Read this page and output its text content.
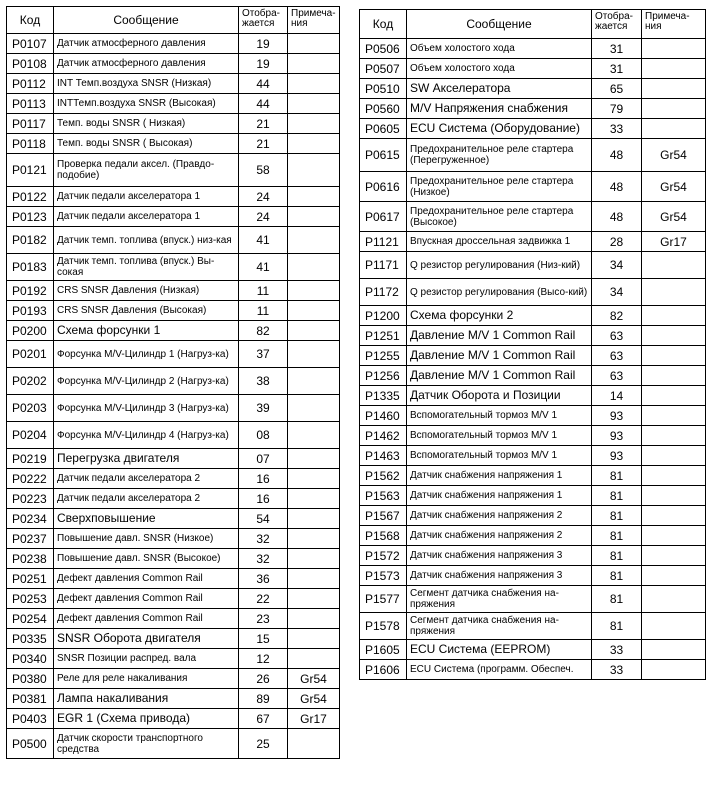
Код	Сообщение	Отобра-жается	Примеча-ния
P0107	Датчик атмосферного давления	19	
P0108	Датчик атмосферного давления	19	
P0112	INT Темп.воздуха SNSR (Низкая)	44	
P0113	INTТемп.воздуха SNSR (Высокая)	44	
P0117	Темп. воды SNSR ( Низкая)	21	
P0118	Темп. воды SNSR ( Высокая)	21	
P0121	Проверка педали аксел. (Правдо-подобие)	58	
P0122	Датчик педали акселератора 1	24	
P0123	Датчик педали акселератора 1	24	
P0182	Датчик темп. топлива (впуск.) низ-кая	41	
P0183	Датчик темп. топлива (впуск.) Вы-сокая	41	
P0192	CRS SNSR Давления (Низкая)	11	
P0193	CRS SNSR Давления (Высокая)	11	
P0200	Схема форсунки 1	82	
P0201	Форсунка M/V-Цилиндр 1 (Нагруз-ка)	37	
P0202	Форсунка M/V-Цилиндр 2 (Нагруз-ка)	38	
P0203	Форсунка M/V-Цилиндр 3 (Нагруз-ка)	39	
P0204	Форсунка M/V-Цилиндр 4 (Нагруз-ка)	08	
P0219	Перегрузка двигателя	07	
P0222	Датчик педали акселератора 2	16	
P0223	Датчик педали акселератора 2	16	
P0234	Сверхповышение	54	
P0237	Повышение давл. SNSR (Низкое)	32	
P0238	Повышение давл. SNSR (Высокое)	32	
P0251	Дефект давления Common Rail	36	
P0253	Дефект давления Common Rail	22	
P0254	Дефект давления Common Rail	23	
P0335	SNSR Оборота двигателя	15	
P0340	SNSR Позиции распред. вала	12	
P0380	Реле для реле накаливания	26	Gr54
P0381	Лампа накаливания	89	Gr54
P0403	EGR 1 (Схема привода)	67	Gr17
P0500	Датчик скорости транспортного средства	25	
Код	Сообщение	Отобра-жается	Примеча-ния
P0506	Объем холостого хода	31	
P0507	Объем холостого хода	31	
P0510	SW Акселератора	65	
P0560	M/V Напряжения снабжения	79	
P0605	ECU Система (Оборудование)	33	
P0615	Предохранительное реле стартера (Перегруженное)	48	Gr54
P0616	Предохранительное реле стартера (Низкое)	48	Gr54
P0617	Предохранительное реле стартера (Высокое)	48	Gr54
P1121	Впускная дроссельная задвижка 1	28	Gr17
P1171	Q резистор регулирования (Низ-кий)	34	
P1172	Q резистор регулирования (Высо-кий)	34	
P1200	Схема форсунки 2	82	
P1251	Давление M/V 1 Common Rail	63	
P1255	Давление M/V 1 Common Rail	63	
P1256	Давление M/V 1 Common Rail	63	
P1335	Датчик Оборота и Позиции	14	
P1460	Вспомогательный тормоз M/V 1	93	
P1462	Вспомогательный тормоз M/V 1	93	
P1463	Вспомогательный тормоз M/V 1	93	
P1562	Датчик снабжения напряжения 1	81	
P1563	Датчик снабжения напряжения 1	81	
P1567	Датчик снабжения напряжения 2	81	
P1568	Датчик снабжения напряжения 2	81	
P1572	Датчик снабжения напряжения 3	81	
P1573	Датчик снабжения напряжения 3	81	
P1577	Сегмент датчика снабжения на-пряжения	81	
P1578	Сегмент датчика снабжения на-пряжения	81	
P1605	ECU Система (EEPROM)	33	
P1606	ECU Система (программ. Обеспеч.	33	
